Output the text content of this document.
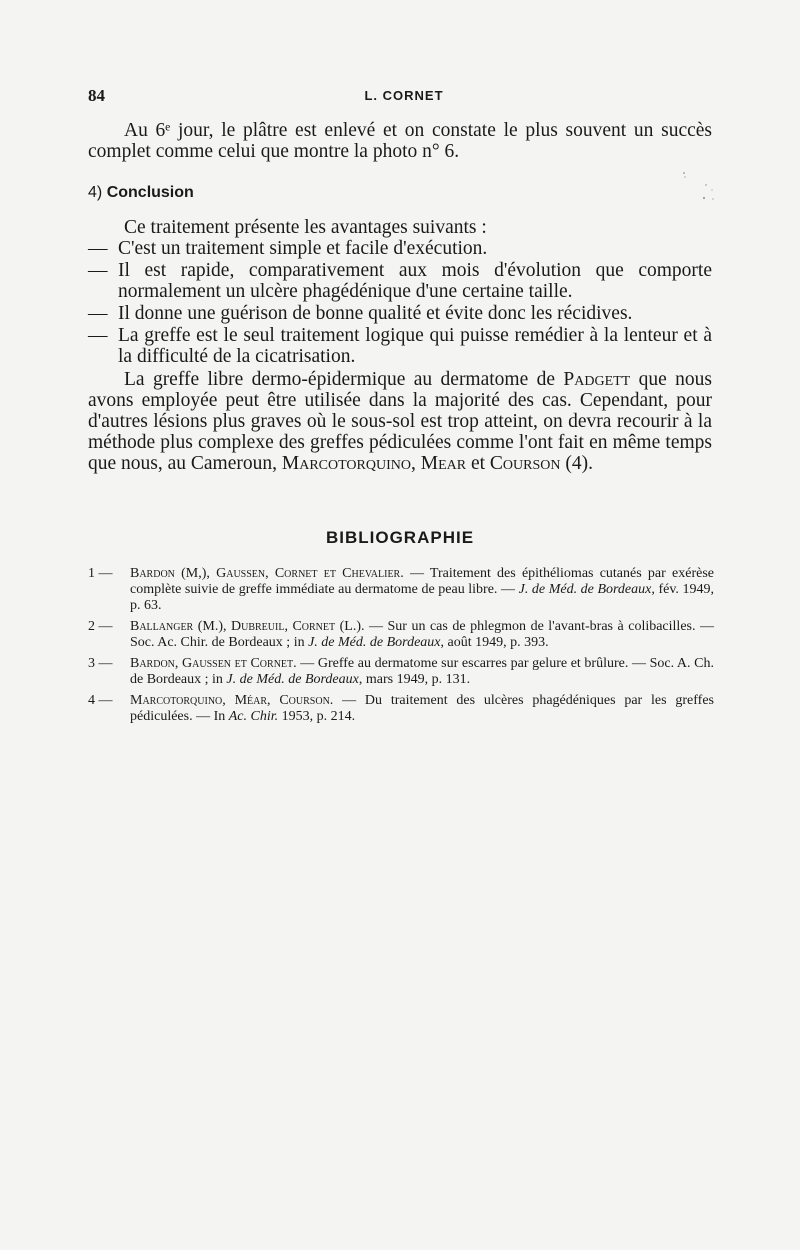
84	L. CORNET

Au 6ᵉ jour, le plâtre est enlevé et on constate le plus souvent un succès complet comme celui que montre la photo n° 6.

4) Conclusion

Ce traitement présente les avantages suivants :

— C'est un traitement simple et facile d'exécution.
— Il est rapide, comparativement aux mois d'évolution que comporte normalement un ulcère phagédénique d'une certaine taille.
— Il donne une guérison de bonne qualité et évite donc les récidives.
— La greffe est le seul traitement logique qui puisse remédier à la lenteur et à la difficulté de la cicatrisation.

La greffe libre dermo-épidermique au dermatome de Padgett que nous avons employée peut être utilisée dans la majorité des cas. Cependant, pour d'autres lésions plus graves où le sous-sol est trop atteint, on devra recourir à la méthode plus complexe des greffes pédiculées comme l'ont fait en même temps que nous, au Cameroun, Marcotorquino, Mear et Courson (4).

BIBLIOGRAPHIE
1 — Bardon (M,), Gaussen, Cornet et Chevalier. — Traitement des épithéliomas cutanés par exérèse complète suivie de greffe immédiate au dermatome de peau libre. — J. de Méd. de Bordeaux, fév. 1949, p. 63.
2 — Ballanger (M.), Dubreuil, Cornet (L.). — Sur un cas de phlegmon de l'avant-bras à colibacilles. — Soc. Ac. Chir. de Bordeaux ; in J. de Méd. de Bordeaux, août 1949, p. 393.
3 — Bardon, Gaussen et Cornet. — Greffe au dermatome sur escarres par gelure et brûlure. — Soc. A. Ch. de Bordeaux ; in J. de Méd. de Bordeaux, mars 1949, p. 131.
4 — Marcotorquino, Méar, Courson. — Du traitement des ulcères phagédéniques par les greffes pédiculées. — In Ac. Chir. 1953, p. 214.
